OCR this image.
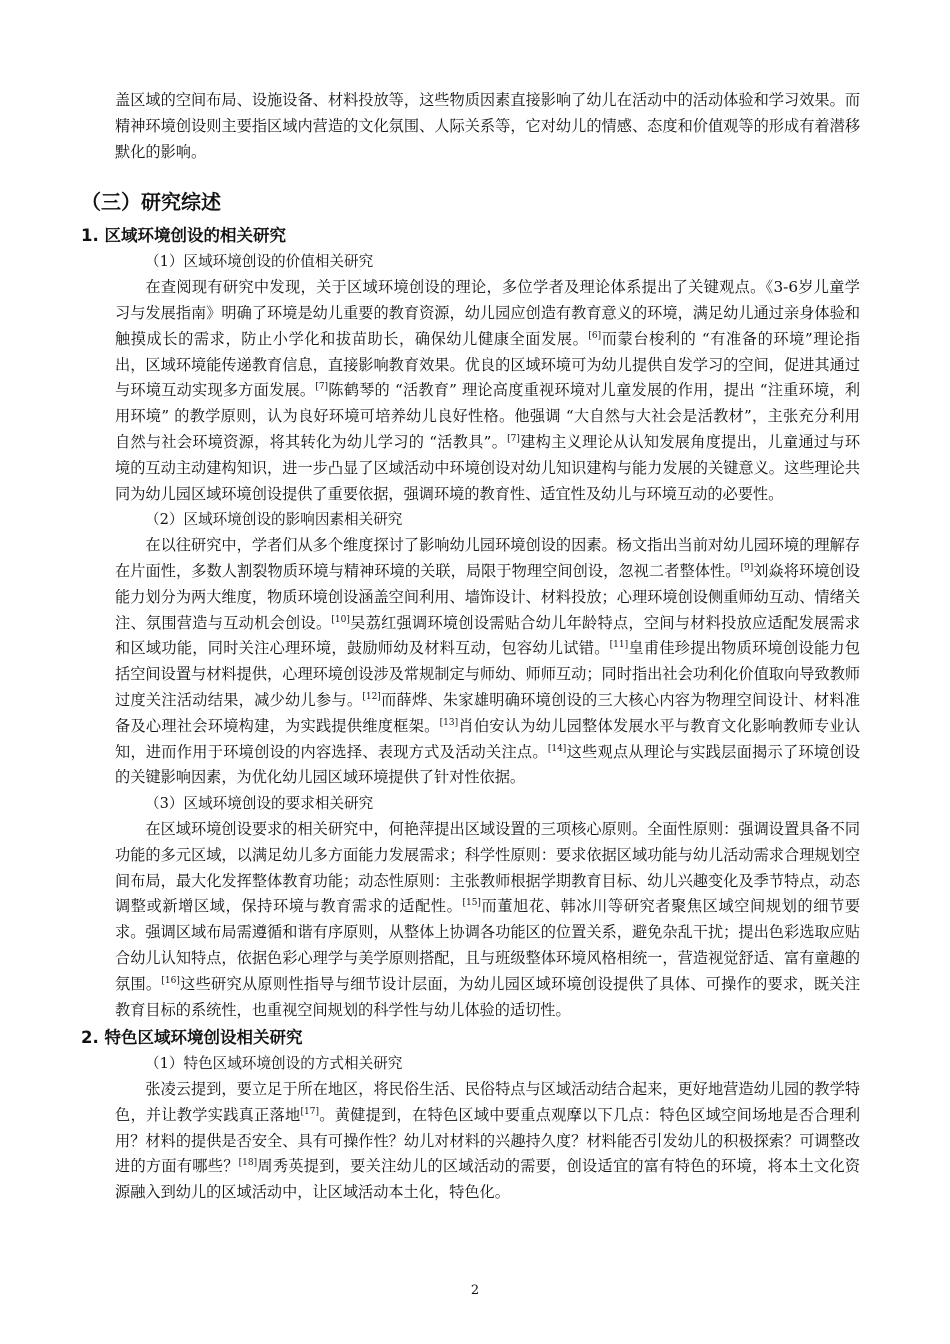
盖区域的空间布局、设施设备、材料投放等，这些物质因素直接影响了幼儿在活动中的活动体验和学习效果。而精神环境创设则主要指区域内营造的文化氛围、人际关系等，它对幼儿的情感、态度和价值观等的形成有着潜移默化的影响。

（三）研究综述
1. 区域环境创设的相关研究
（1）区域环境创设的价值相关研究

在查阅现有研究中发现，关于区域环境创设的理论，多位学者及理论体系提出了关键观点。《3-6岁儿童学习与发展指南》明确了环境是幼儿重要的教育资源，幼儿园应创造有教育意义的环境，满足幼儿通过亲身体验和触摸成长的需求，防止小学化和拔苗助长，确保幼儿健康全面发展。[6]而蒙台梭利的 “有准备的环境”理论指出，区域环境能传递教育信息，直接影响教育效果。优良的区域环境可为幼儿提供自发学习的空间，促进其通过与环境互动实现多方面发展。[7]陈鹤琴的 “活教育” 理论高度重视环境对儿童发展的作用，提出 “注重环境，利用环境” 的教学原则，认为良好环境可培养幼儿良好性格。他强调 “大自然与大社会是活教材”，主张充分利用自然与社会环境资源，将其转化为幼儿学习的 “活教具”。[7]建构主义理论从认知发展角度提出，儿童通过与环境的互动主动建构知识，进一步凸显了区域活动中环境创设对幼儿知识建构与能力发展的关键意义。这些理论共同为幼儿园区域环境创设提供了重要依据，强调环境的教育性、适宜性及幼儿与环境互动的必要性。

（2）区域环境创设的影响因素相关研究

在以往研究中，学者们从多个维度探讨了影响幼儿园环境创设的因素。杨文指出当前对幼儿园环境的理解存在片面性，多数人割裂物质环境与精神环境的关联，局限于物理空间创设，忽视二者整体性。[9]刘焱将环境创设能力划分为两大维度，物质环境创设涵盖空间利用、墙饰设计、材料投放；心理环境创设侧重师幼互动、情绪关注、氛围营造与互动机会创设。[10]吴荔红强调环境创设需贴合幼儿年龄特点，空间与材料投放应适配发展需求和区域功能，同时关注心理环境，鼓励师幼及材料互动，包容幼儿试错。[11]皇甫佳珍提出物质环境创设能力包括空间设置与材料提供，心理环境创设涉及常规制定与师幼、师师互动；同时指出社会功利化价值取向导致教师过度关注活动结果，减少幼儿参与。[12]而薛烨、朱家雄明确环境创设的三大核心内容为物理空间设计、材料准备及心理社会环境构建，为实践提供维度框架。[13]肖伯安认为幼儿园整体发展水平与教育文化影响教师专业认知，进而作用于环境创设的内容选择、表现方式及活动关注点。[14]这些观点从理论与实践层面揭示了环境创设的关键影响因素，为优化幼儿园区域环境提供了针对性依据。

（3）区域环境创设的要求相关研究

在区域环境创设要求的相关研究中，何艳萍提出区域设置的三项核心原则。全面性原则：强调设置具备不同功能的多元区域，以满足幼儿多方面能力发展需求；科学性原则：要求依据区域功能与幼儿活动需求合理规划空间布局，最大化发挥整体教育功能；动态性原则：主张教师根据学期教育目标、幼儿兴趣变化及季节特点，动态调整或新增区域，保持环境与教育需求的适配性。[15]而董旭花、韩冰川等研究者聚焦区域空间规划的细节要求。强调区域布局需遵循和谐有序原则，从整体上协调各功能区的位置关系，避免杂乱干扰；提出色彩选取应贴合幼儿认知特点，依据色彩心理学与美学原则搭配，且与班级整体环境风格相统一，营造视觉舒适、富有童趣的氛围。[16]这些研究从原则性指导与细节设计层面，为幼儿园区域环境创设提供了具体、可操作的要求，既关注教育目标的系统性，也重视空间规划的科学性与幼儿体验的适切性。

2. 特色区域环境创设相关研究
（1）特色区域环境创设的方式相关研究

张凌云提到，要立足于所在地区，将民俗生活、民俗特点与区域活动结合起来，更好地营造幼儿园的教学特色，并让教学实践真正落地[17]。黄健提到，在特色区域中要重点观摩以下几点：特色区域空间场地是否合理利用？材料的提供是否安全、具有可操作性？幼儿对材料的兴趣持久度？材料能否引发幼儿的积极探索？可调整改进的方面有哪些？[18]周秀英提到，要关注幼儿的区域活动的需要，创设适宜的富有特色的环境，将本土文化资源融入到幼儿的区域活动中，让区域活动本土化，特色化。

2
